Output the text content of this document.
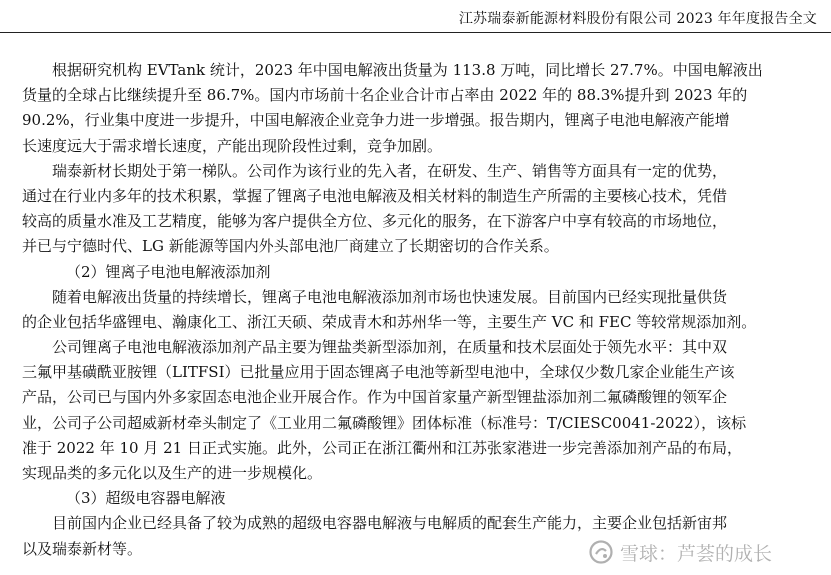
江苏瑞泰新能源材料股份有限公司 2023 年年度报告全文
根据研究机构 EVTank 统计，2023 年中国电解液出货量为 113.8 万吨，同比增长 27.7%。中国电解液出
货量的全球占比继续提升至 86.7%。国内市场前十名企业合计市占率由 2022 年的 88.3%提升到 2023 年的
90.2%，行业集中度进一步提升，中国电解液企业竞争力进一步增强。报告期内，锂离子电池电解液产能增
长速度远大于需求增长速度，产能出现阶段性过剩，竞争加剧。
瑞泰新材长期处于第一梯队。公司作为该行业的先入者，在研发、生产、销售等方面具有一定的优势，
通过在行业内多年的技术积累，掌握了锂离子电池电解液及相关材料的制造生产所需的主要核心技术，凭借
较高的质量水准及工艺精度，能够为客户提供全方位、多元化的服务，在下游客户中享有较高的市场地位，
并已与宁德时代、LG 新能源等国内外头部电池厂商建立了长期密切的合作关系。
（2）锂离子电池电解液添加剂
随着电解液出货量的持续增长，锂离子电池电解液添加剂市场也快速发展。目前国内已经实现批量供货
的企业包括华盛锂电、瀚康化工、浙江天硕、荣成青木和苏州华一等，主要生产 VC 和 FEC 等较常规添加剂。
公司锂离子电池电解液添加剂产品主要为锂盐类新型添加剂，在质量和技术层面处于领先水平：其中双
三氟甲基磺酰亚胺锂（LITFSI）已批量应用于固态锂离子电池等新型电池中，全球仅少数几家企业能生产该
产品，公司已与国内外多家固态电池企业开展合作。作为中国首家量产新型锂盐添加剂二氟磷酸锂的领军企
业，公司子公司超威新材牵头制定了《工业用二氟磷酸锂》团体标准（标准号：T/CIESC0041-2022），该标
准于 2022 年 10 月 21 日正式实施。此外，公司正在浙江衢州和江苏张家港进一步完善添加剂产品的布局，
实现品类的多元化以及生产的进一步规模化。
（3）超级电容器电解液
目前国内企业已经具备了较为成熟的超级电容器电解液与电解质的配套生产能力，主要企业包括新宙邦
以及瑞泰新材等。	雪球：芦荟的成长
